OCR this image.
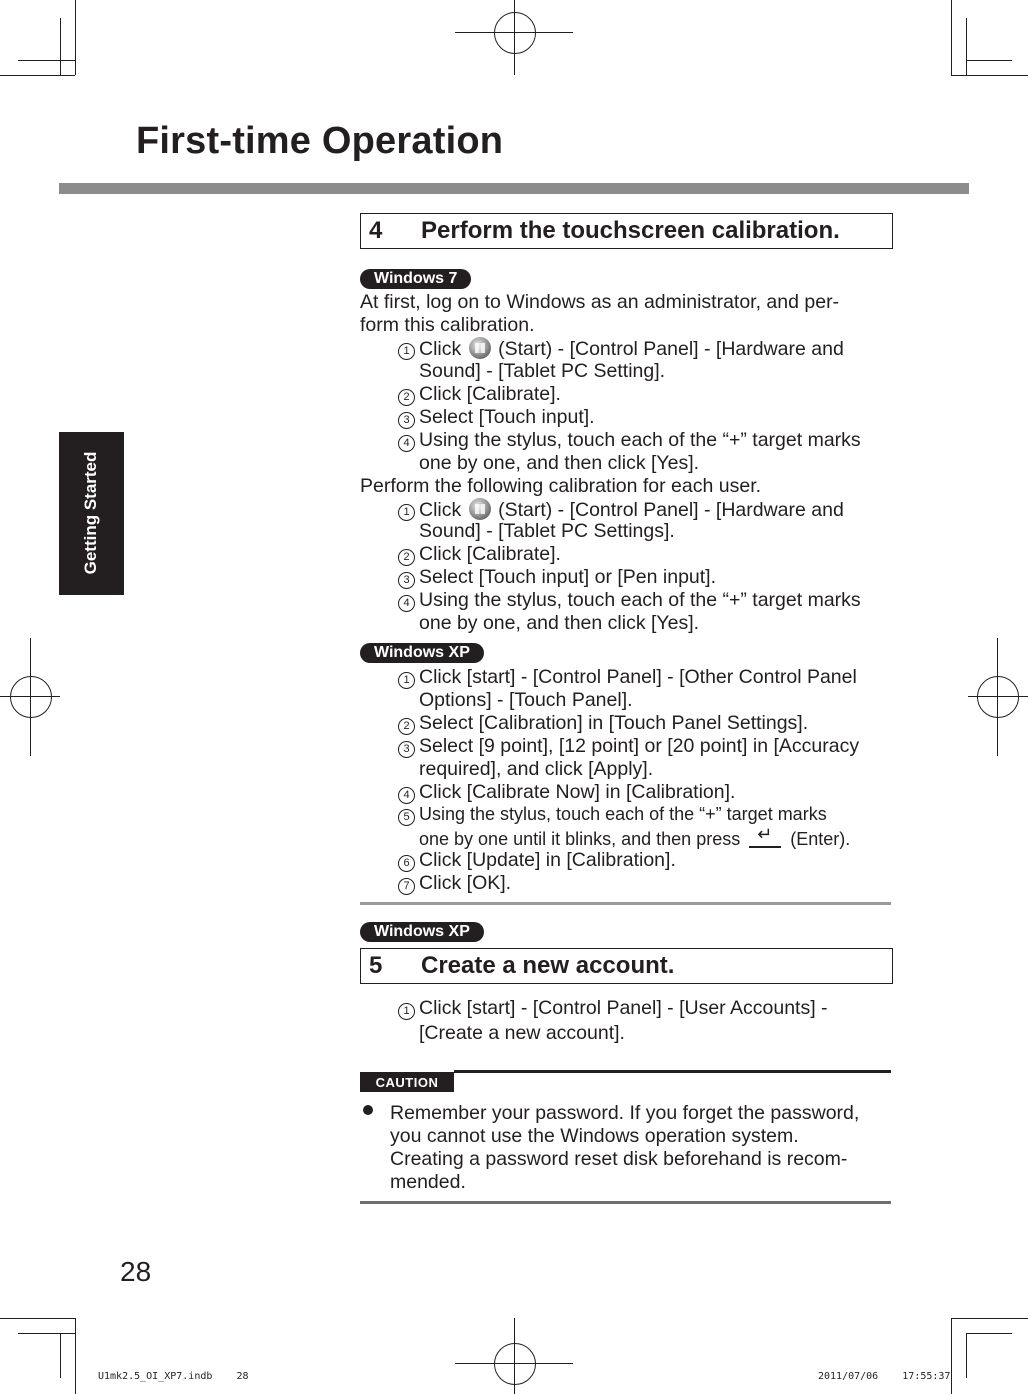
First-time Operation
Getting Started
4 Perform the touchscreen calibration.
Windows 7
At first, log on to Windows as an administrator, and per-
form this calibration.
1 Click (Start) - [Control Panel] - [Hardware and
Sound] - [Tablet PC Setting].
2 Click [Calibrate].
3 Select [Touch input].
4 Using the stylus, touch each of the “+” target marks
one by one, and then click [Yes].
Perform the following calibration for each user.
1 Click (Start) - [Control Panel] - [Hardware and
Sound] - [Tablet PC Settings].
2 Click [Calibrate].
3 Select [Touch input] or [Pen input].
4 Using the stylus, touch each of the “+” target marks
one by one, and then click [Yes].
Windows XP
1 Click [start] - [Control Panel] - [Other Control Panel
Options] - [Touch Panel].
2 Select [Calibration] in [Touch Panel Settings].
3 Select [9 point], [12 point] or [20 point] in [Accuracy
required], and click [Apply].
4 Click [Calibrate Now] in [Calibration].
5 Using the stylus, touch each of the “+” target marks
one by one until it blinks, and then press ↵	(Enter).
6 Click [Update] in [Calibration].
7 Click [OK].
Windows XP
5 Create a new account.
1 Click [start] - [Control Panel] - [User Accounts] -
[Create a new account].
CAUTION
Remember your password. If you forget the password,
you cannot use the Windows operation system.
Creating a password reset disk beforehand is recom-
mended.
28
U1mk2.5_OI_XP7.indb    28	2011/07/06    17:55:37
